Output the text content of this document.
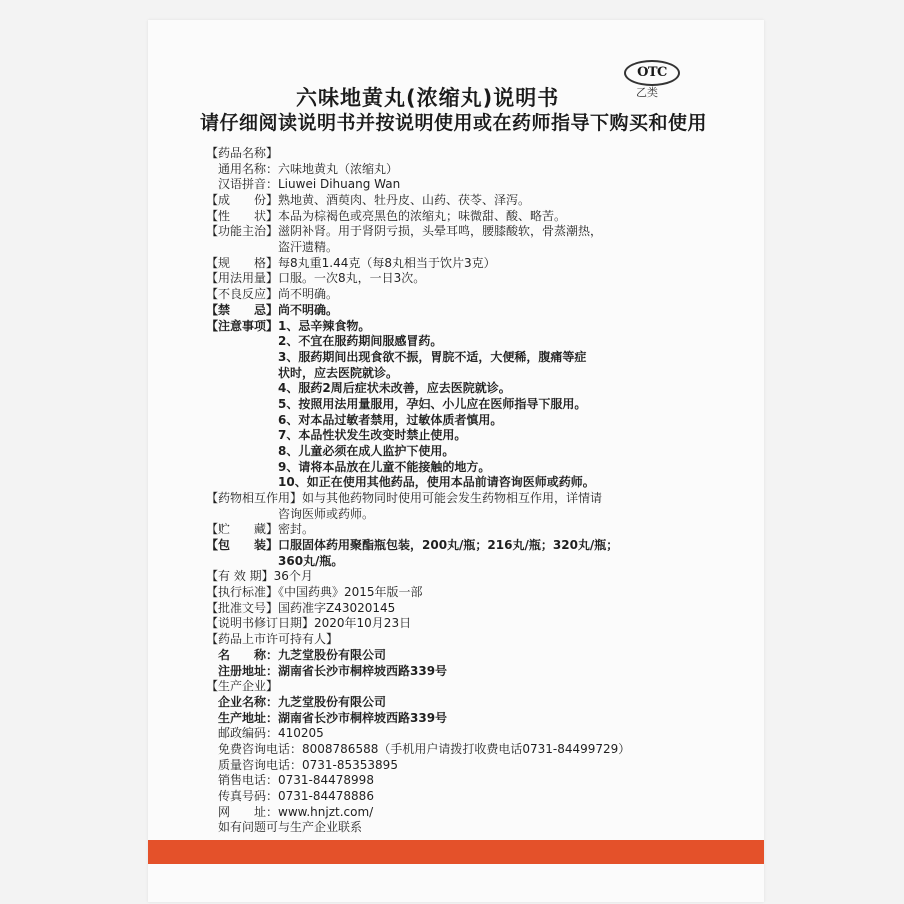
OTC
乙类
六味地黄丸(浓缩丸)说明书
请仔细阅读说明书并按说明使用或在药师指导下购买和使用
【药品名称】
　通用名称：六味地黄丸（浓缩丸）
　汉语拼音：Liuwei Dihuang Wan
【成　　份】熟地黄、酒萸肉、牡丹皮、山药、茯苓、泽泻。
【性　　状】本品为棕褐色或亮黑色的浓缩丸；味微甜、酸、略苦。
【功能主治】滋阴补肾。用于肾阴亏损，头晕耳鸣，腰膝酸软，骨蒸潮热，
　　　　　　盗汗遗精。
【规　　格】每8丸重1.44克（每8丸相当于饮片3克）
【用法用量】口服。一次8丸，一日3次。
【不良反应】尚不明确。
【禁　　忌】尚不明确。
【注意事项】1、忌辛辣食物。
　　　　　　2、不宜在服药期间服感冒药。
　　　　　　3、服药期间出现食欲不振，胃脘不适，大便稀，腹痛等症
　　　　　　状时，应去医院就诊。
　　　　　　4、服药2周后症状未改善，应去医院就诊。
　　　　　　5、按照用法用量服用，孕妇、小儿应在医师指导下服用。
　　　　　　6、对本品过敏者禁用，过敏体质者慎用。
　　　　　　7、本品性状发生改变时禁止使用。
　　　　　　8、儿童必须在成人监护下使用。
　　　　　　9、请将本品放在儿童不能接触的地方。
　　　　　　10、如正在使用其他药品，使用本品前请咨询医师或药师。
【药物相互作用】如与其他药物同时使用可能会发生药物相互作用，详情请
　　　　　　咨询医师或药师。
【贮　　藏】密封。
【包　　装】口服固体药用聚酯瓶包装，200丸/瓶；216丸/瓶；320丸/瓶；
　　　　　　360丸/瓶。
【有 效 期】36个月
【执行标准】《中国药典》2015年版一部
【批准文号】国药准字Z43020145
【说明书修订日期】2020年10月23日
【药品上市许可持有人】
　名　　称：九芝堂股份有限公司
　注册地址：湖南省长沙市桐梓坡西路339号
【生产企业】
　企业名称：九芝堂股份有限公司
　生产地址：湖南省长沙市桐梓坡西路339号
　邮政编码：410205
　免费咨询电话：8008786588（手机用户请拨打收费电话0731-84499729）
　质量咨询电话：0731-85353895
　销售电话：0731-84478998
　传真号码：0731-84478886
　网　　址：www.hnjzt.com/
　如有问题可与生产企业联系
